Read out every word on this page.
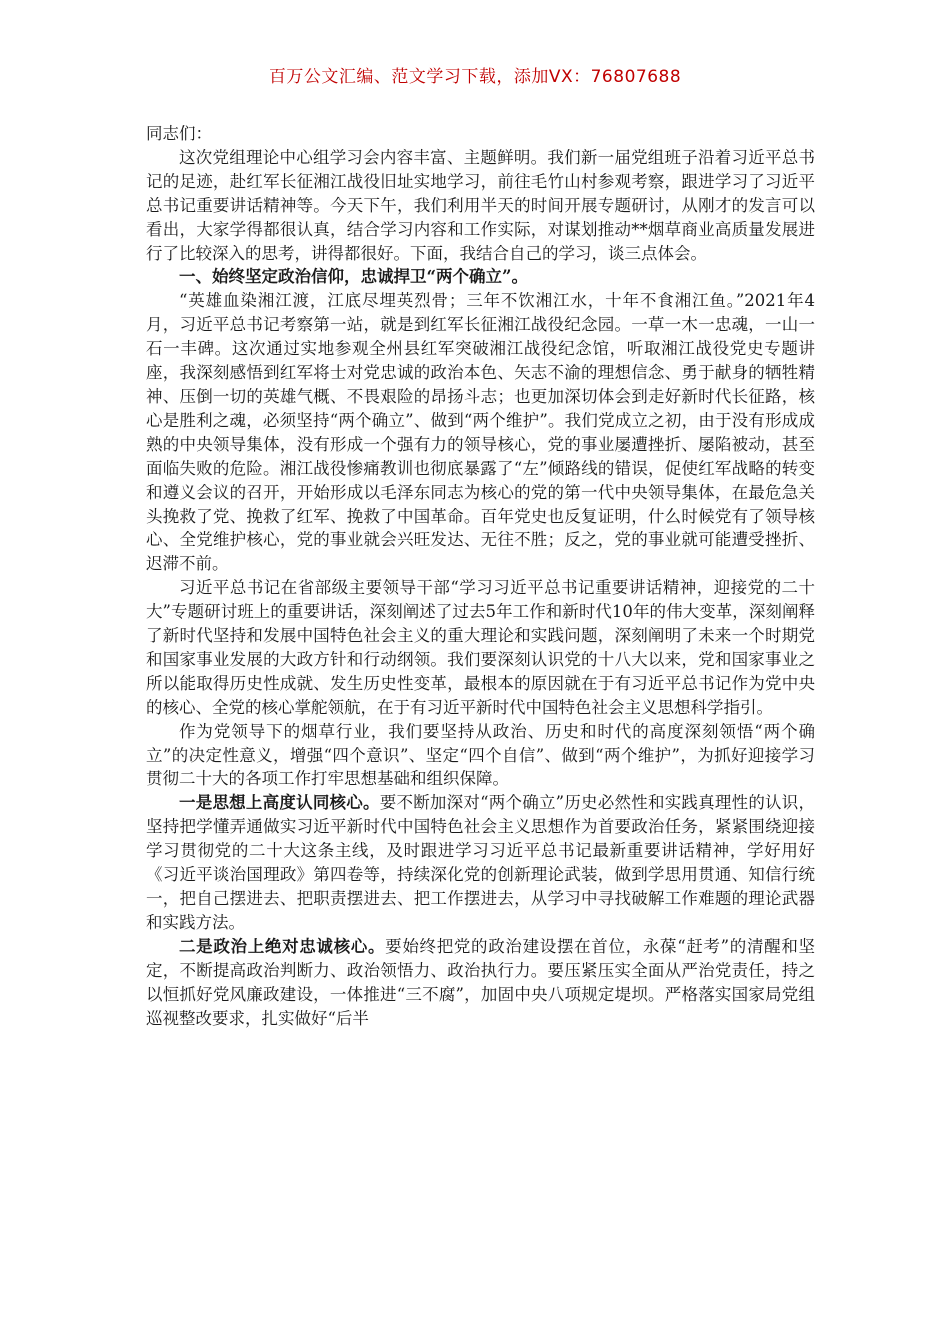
百万公文汇编、范文学习下载，添加VX：76807688

同志们：

这次党组理论中心组学习会内容丰富、主题鲜明。我们新一届党组班子沿着习近平总书记的足迹，赴红军长征湘江战役旧址实地学习，前往毛竹山村参观考察，跟进学习了习近平总书记重要讲话精神等。今天下午，我们利用半天的时间开展专题研讨，从刚才的发言可以看出，大家学得都很认真，结合学习内容和工作实际，对谋划推动**烟草商业高质量发展进行了比较深入的思考，讲得都很好。下面，我结合自己的学习，谈三点体会。

一、始终坚定政治信仰，忠诚捍卫“两个确立”。

“英雄血染湘江渡，江底尽埋英烈骨；三年不饮湘江水，十年不食湘江鱼。”2021年4月，习近平总书记考察第一站，就是到红军长征湘江战役纪念园。一草一木一忠魂，一山一石一丰碑。这次通过实地参观全州县红军突破湘江战役纪念馆，听取湘江战役党史专题讲座，我深刻感悟到红军将士对党忠诚的政治本色、矢志不渝的理想信念、勇于献身的牺牲精神、压倒一切的英雄气概、不畏艰险的昂扬斗志；也更加深切体会到走好新时代长征路，核心是胜利之魂，必须坚持“两个确立”、做到“两个维护”。我们党成立之初，由于没有形成成熟的中央领导集体，没有形成一个强有力的领导核心，党的事业屡遭挫折、屡陷被动，甚至面临失败的危险。湘江战役惨痛教训也彻底暴露了“左”倾路线的错误，促使红军战略的转变和遵义会议的召开，开始形成以毛泽东同志为核心的党的第一代中央领导集体，在最危急关头挽救了党、挽救了红军、挽救了中国革命。百年党史也反复证明，什么时候党有了领导核心、全党维护核心，党的事业就会兴旺发达、无往不胜；反之，党的事业就可能遭受挫折、迟滞不前。

习近平总书记在省部级主要领导干部“学习习近平总书记重要讲话精神，迎接党的二十大”专题研讨班上的重要讲话，深刻阐述了过去5年工作和新时代10年的伟大变革，深刻阐释了新时代坚持和发展中国特色社会主义的重大理论和实践问题，深刻阐明了未来一个时期党和国家事业发展的大政方针和行动纲领。我们要深刻认识党的十八大以来，党和国家事业之所以能取得历史性成就、发生历史性变革，最根本的原因就在于有习近平总书记作为党中央的核心、全党的核心掌舵领航，在于有习近平新时代中国特色社会主义思想科学指引。

作为党领导下的烟草行业，我们要坚持从政治、历史和时代的高度深刻领悟“两个确立”的决定性意义，增强“四个意识”、坚定“四个自信”、做到“两个维护”，为抓好迎接学习贯彻二十大的各项工作打牢思想基础和组织保障。

一是思想上高度认同核心。要不断加深对“两个确立”历史必然性和实践真理性的认识，坚持把学懂弄通做实习近平新时代中国特色社会主义思想作为首要政治任务，紧紧围绕迎接学习贯彻党的二十大这条主线，及时跟进学习习近平总书记最新重要讲话精神，学好用好《习近平谈治国理政》第四卷等，持续深化党的创新理论武装，做到学思用贯通、知信行统一，把自己摆进去、把职责摆进去、把工作摆进去，从学习中寻找破解工作难题的理论武器和实践方法。

二是政治上绝对忠诚核心。要始终把党的政治建设摆在首位，永葆“赶考”的清醒和坚定，不断提高政治判断力、政治领悟力、政治执行力。要压紧压实全面从严治党责任，持之以恒抓好党风廉政建设，一体推进“三不腐”，加固中央八项规定堤坝。严格落实国家局党组巡视整改要求，扎实做好“后半
